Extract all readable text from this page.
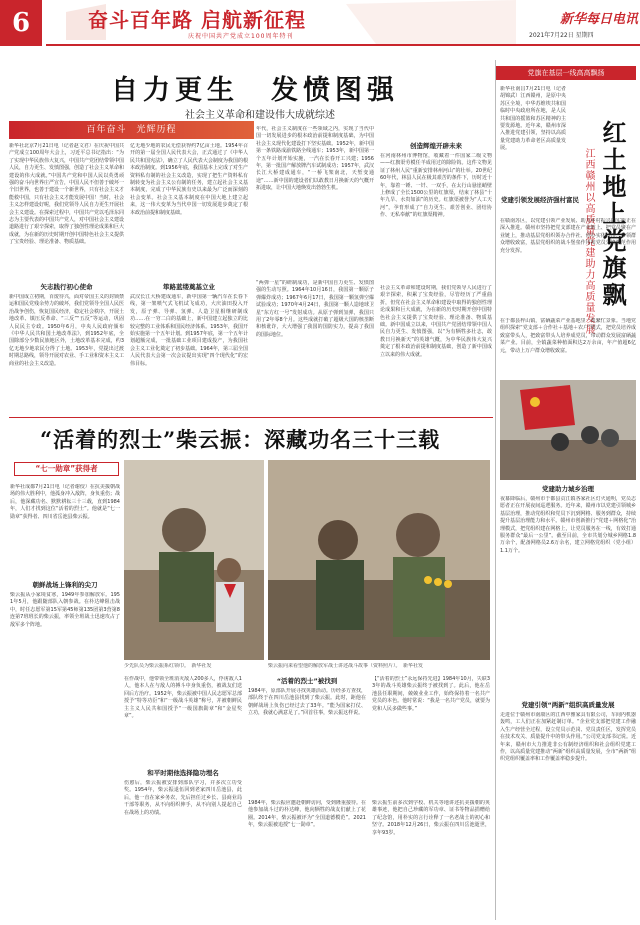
6	奋斗百年路 启航新征程
庆祝中国共产党成立100周年特刊
新华每日电讯
2021年7月22日 星期四
自力更生　发愤图强
社会主义革命和建设伟大成就综述
百年奋斗　光辉历程
新华社北京7月21日电（记者赵文君）在庆祝中国共产党成立100周年大会上，习近平总书记指出：“为了实现中华民族伟大复兴，中国共产党团结带领中国人民，自力更生、发愤图强，创造了社会主义革命和建设的伟大成就。”中国共产党和中国人民以英勇顽强的奋斗向世界庄严宣告，中国人民不但善于破坏一个旧世界，也善于建设一个新世界，只有社会主义才能救中国，只有社会主义才能发展中国！当时，社会主义怎样建设好呢，我们党领导人民自力更生开展社会主义建设。在探索过程中，中国共产党以毛泽东同志为主要代表的中国共产党人，对中国社会主义建设道路进行了艰辛探索，取得了独创性理论成果和巨大成就，为在新的历史时期开创中国特色社会主义提供了宝贵经验、理论准备、物质基础。
矢志践行初心使命
新中国成立初期，百废待兴，面对帝国主义的封锁禁运和国民党残余势力的破坏，我们党领导全国人民医治战争创伤，恢复国民经济，稳定社会秩序，开展土地改革、镇压反革命、“三反”“五反”等运动，巩固人民民主专政。1950年6月，中央人民政府颁布《中华人民共和国土地改革法》，到1952年底，全国除部分少数民族地区外，土地改革基本完成，约3亿无地少地农民分得了土地。1953年，党提出过渡时期总路线，领导开展对农业、手工业和资本主义工商业的社会主义改造。
亿无地少地的农民无偿获得约7亿亩土地。1954年召开的第一届全国人民代表大会，正式通过了《中华人民共和国宪法》，确立了人民代表大会制度为我国的根本政治制度。到1956年底，我国基本上完成了对生产资料私有制的社会主义改造，实现了把生产资料私有制转变为社会主义公有制的任务，建立起社会主义基本制度，完成了中华民族有史以来最为广泛而深刻的社会变革。社会主义基本制度在中国大地上建立起来，这一伟大变革为当代中国一切发展进步奠定了根本政治前提和制度基础。
筚路蓝缕奠基立业
武汉长江大桥建成通车，新中国第一辆汽车在长春下线，第一架喷气式飞机试飞成功，大庆油田投入开发，原子弹、导弹、氢弹、人造卫星相继研制成功……在一穷二白的基础上，新中国建立起独立的比较完整的工业体系和国民经济体系。1953年，我国开始实施第一个五年计划。到1957年底，第一个五年计划超额完成，一批基础工业项目建成投产，为我国社会主义工业化奠定了初步基础。1964年，第三届全国人民代表大会第一次会议提出实现“四个现代化”的宏伟目标。
年代，社会主义制度在一些领域之内，实现了当代中国一切发展进步的根本政治前提和制度基础，为中国社会主义现代化建设打下坚实基础。1952年，新中国第一条铁路成渝铁路全线通车；1953年，新中国第一个五年计划开始实施，一汽在长春开工兴建；1956年，第一批国产解放牌汽车试制成功；1957年，武汉长江大桥建成通车，“一桥飞架南北，天堑变通途”……新中国的建设者们以敢教日月换新天的气概开拓进取，让中国大地焕发出勃勃生机。
“两弹一星”的研制成功，是新中国自力更生、发愤图强的生动写照。1964年10月16日，我国第一颗原子弹爆炸成功；1967年6月17日，我国第一颗氢弹空爆试验成功；1970年4月24日，我国第一颗人造地球卫星“东方红一号”发射成功。从原子弹到氢弹，我国只用了2年零8个月。这些成就打破了超级大国的核垄断和核讹诈，大大增强了我国的国防实力，提高了我国的国际地位。
创造辉煌开辟未来
在河南林州市博物馆，收藏着一件国家二级文物——红旗渠劳模任羊成用过的除险钩。这件文物见证了林州人民“重新安排林州河山”的壮举。20世纪60年代，林县人民在极其艰苦的条件下，历时近十年，靠着一锤、一钎、一双手，在太行山悬崖峭壁上修成了全长1500公里的红旗渠，结束了林县“十年九旱、水贵如油”的历史。红旗渠被誉为“人工天河”，孕育形成了“自力更生、艰苦创业、团结协作、无私奉献”的红旗渠精神。
社会主义革命和建设时期，我们党领导人民进行了艰辛探索，积累了宝贵经验，尽管经历了严重曲折，但党在社会主义革命和建设中取得的独创性理论成果和巨大成就，为在新的历史时期开创中国特色社会主义提供了宝贵经验、理论准备、物质基础。新中国成立以来，中国共产党团结带领中国人民自力更生、发愤图强，以“为有牺牲多壮志，敢教日月换新天”的英雄气概，为中华民族伟大复兴奠定了根本政治前提和制度基础，创造了新中国成立以来的伟大成就。
党旗在基层一线高高飘扬
新华社南昌7月21日电（记者胡锦武）江西赣州，是原中央苏区全境，中华苏维埃共和国临时中央政府所在地，是人民共和国的摇篮和苏区精神的主要发源地。近年来，赣州市深入推进党建引领，坚持以高质量党建助力革命老区高质量发展。	红土地上党旗飘
江西赣州以高质量党建助力高质量发展
党建引领发展经济强村富民
在赣南苏区，以党建引领产业发展、助力乡村振兴的实践正在深入推进。赣州市坚持把党支部建在产业链上、把党员聚在产业链上，推动基层党组织领办合作社、创办实体经济，带领群众增收致富，基层党组织的战斗堡垒作用和党员先锋模范作用充分发挥。
在于都县梓山镇，富硒蔬菜产业基地里一派繁忙景象。当地党组织探索“党支部＋合作社＋基地＋农户”模式，把党员培养成致富带头人，把致富带头人培养成党员，带动群众发展富硒蔬菜产业。目前，全镇蔬菜种植面积达2万余亩，年产值超6亿元，带动上万户群众增收致富。
党建助力城乡治理
夜幕降临后，赣州市于都县贡江镇各家社区灯火通明，党员志愿者正在开展夜间巡逻服务。近年来，赣州市以党建引领城乡基层治理，推动党组织和党员下沉到网格、服务到群众，持续提升基层治理能力和水平。赣州市创新推行“党建＋网格化”治理模式，把党组织建在网格上，让党员服务在一线，有效打通服务群众“最后一公里”。截至目前，全市共划分城乡网格1.8万余个，配备网格员2.6万余名，建立网格党组织（党小组）1.1万个。
党建引领“两新”组织高质量发展
走进位于赣州市南康区的江西中雅家具有限公司，车间内机器轰鸣，工人们正在加紧赶制订单。“企业党支部把党建工作融入生产经营全过程，设立党员示范岗、党员责任区，发挥党员在技术攻关、质量提升中的带头作用。”公司党支部书记说。近年来，赣州市大力推进非公有制经济组织和社会组织党建工作，以高质量党建推动“两新”组织高质量发展，全市“两新”组织党组织覆盖率和工作覆盖率稳步提升。
“活着的烈士”柴云振：深藏功名三十三载
“七一勋章”获得者
新华社成都7月21日电（记者谢佼）在抗美援朝战场的伟大胜利中，他孤身冲入敌阵，身负重伤；战后，他深藏功名、默默耕耘三十三载，直到1984年，人们才找到这位“活着的烈士”。他就是“七一勋章”获得者、四川省岳池县柴云振。
朝鲜战场上锋利的尖刀
柴云振从小家境贫寒，1949年参加解放军。1951年5月，他跟随部队入朝参战。在朴达峰阻击战中，时任志愿军第15军第45师第135团第3营第8连第7班班长的柴云振，率领全班战士迅速攻占了敌军多个阵地。
少先队员为柴云振系红领巾。　新华社发	柴云振向来看望他的解放军战士讲述战斗故事（资料照片）。　新华社发
在作战中，他带领全班消灭敌人200多人，俘虏敌人1人，他本人在与敌人的搏斗中身负重伤，被战友们送回后方治疗。1952年，柴云振被中国人民志愿军总部授予“特等功臣”和“一级战斗英雄”称号，并被朝鲜民主主义人民共和国授予“一级国旗勋章”和“金星奖章”。
和平时期他选择隐功埋名
伤愈后，柴云振被安排到部队学习，并多次立功受奖。1954年，柴云振退伍回到老家四川岳池县，此后，他一直在家乡务农，先后担任过乡长、县商业局干部等职务，从不向组织伸手，从不向别人提起自己在战场上的功绩。
“活着的烈士”被找到
1984年，原部队开展寻找英雄活动。历经多方查找，部队终于在四川岳池县找到了柴云振。此时，距他在朝鲜战场上负伤已经过去了33年。“能为国家打仗、立功，我就心满意足了。”回首往事，柴云振这样说。
1984年，柴云振应邀赴朝鲜访问，受到隆重接待。在他参加战斗过的朴达峰，他向牺牲的战友们献上了花圈。2014年，柴云振被评为“全国道德模范”。2021年，柴云振被追授“七一勋章”。
【“活着的烈士”永远保持先进】1984年10月，失联33年的战斗英雄柴云振终于被找到了。此后，他在岳池县任职期间，兢兢业业工作，始终保持着一名共产党员的本色。他时常说：“我是一名共产党员，就要为党和人民多做些事。”
柴云振生前多次到学校、机关等地讲述抗美援朝的英雄事迹，他把自己珍藏的军功章、证书等物品捐赠给了纪念馆，用朴实的言行诠释了一名老战士的初心和坚守。2018年12月26日，柴云振在四川岳池逝世，享年93岁。
